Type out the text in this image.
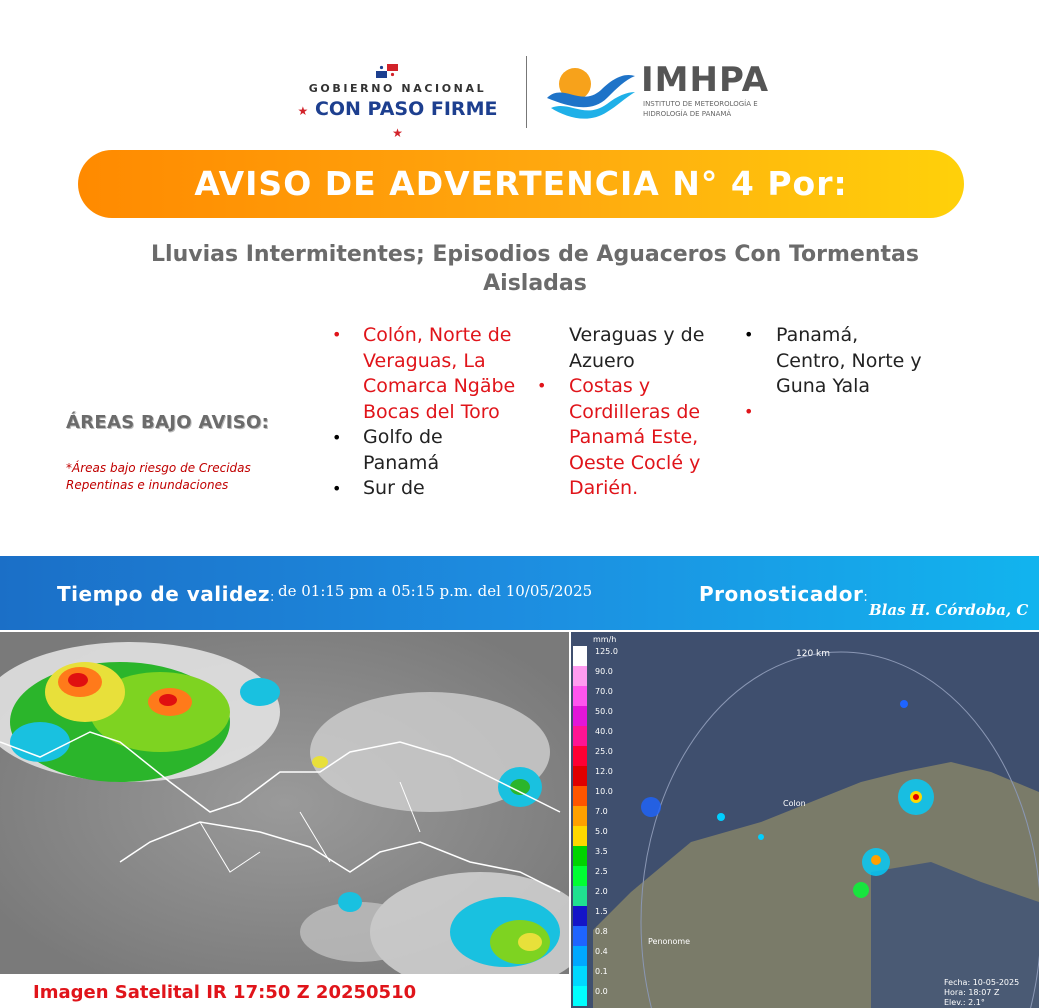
GOBIERNO NACIONAL
★ CON PASO FIRME ★
IMHPA
INSTITUTO DE METEOROLOGÍA E HIDROLOGÍA DE PANAMÁ
AVISO DE ADVERTENCIA N° 4 Por:
Lluvias Intermitentes; Episodios de Aguaceros Con Tormentas
Aisladas
ÁREAS BAJO AVISO:
*Áreas bajo riesgo de Crecidas Repentinas e inundaciones
•
•
•
Colón, Norte de
Veraguas, La
Comarca Ngäbe
Bocas del Toro
Golfo de
Panamá
Sur de
•
Veraguas y de
Azuero
Costas y
Cordilleras de
Panamá Este,
Oeste Coclé y
Darién.
•
•
Panamá,
Centro, Norte y
Guna Yala
Tiempo de validez: de 01:15 pm a 05:15 p.m. del 10/05/2025	Pronosticador:
Blas H. Córdoba, C
125.0
90.0
70.0
50.0
40.0
25.0
12.0
10.0
7.0
5.0
3.5
2.5
2.0
1.5
0.8
0.4
0.1
0.0
mm/h
120 km
Colon
Penonome
Fecha: 10-05-2025
Hora: 18:07 Z
Elev.: 2.1°
Imagen Satelital IR 17:50 Z 20250510
